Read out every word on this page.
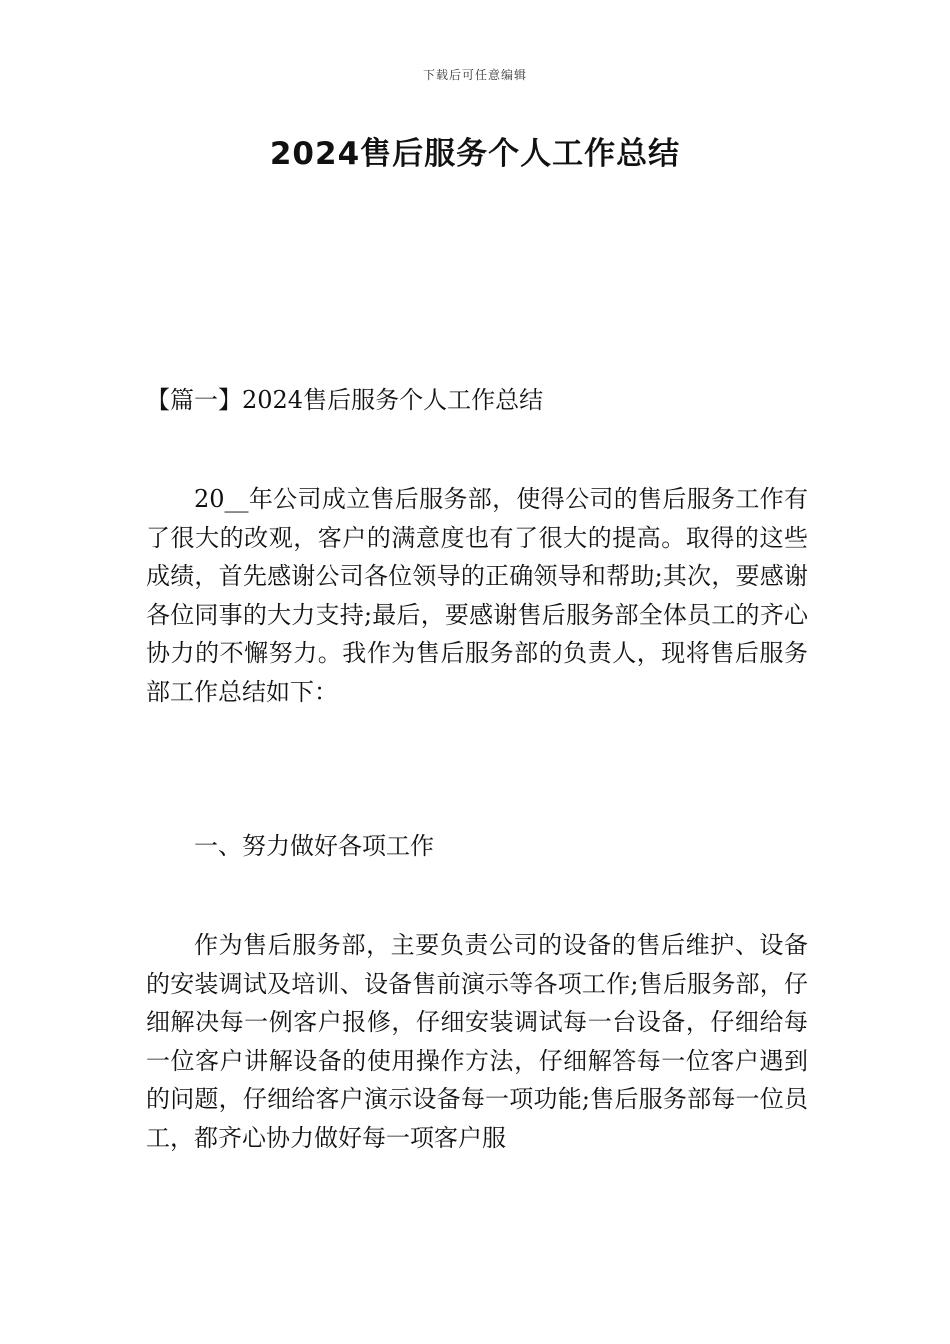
下载后可任意编辑
2024售后服务个人工作总结
【篇一】2024售后服务个人工作总结

20__年公司成立售后服务部，使得公司的售后服务工作有了很大的改观，客户的满意度也有了很大的提高。取得的这些成绩，首先感谢公司各位领导的正确领导和帮助;其次，要感谢各位同事的大力支持;最后，要感谢售后服务部全体员工的齐心协力的不懈努力。我作为售后服务部的负责人，现将售后服务部工作总结如下：

一、努力做好各项工作

作为售后服务部，主要负责公司的设备的售后维护、设备的安装调试及培训、设备售前演示等各项工作;售后服务部，仔细解决每一例客户报修，仔细安装调试每一台设备，仔细给每一位客户讲解设备的使用操作方法，仔细解答每一位客户遇到的问题，仔细给客户演示设备每一项功能;售后服务部每一位员工，都齐心协力做好每一项客户服
